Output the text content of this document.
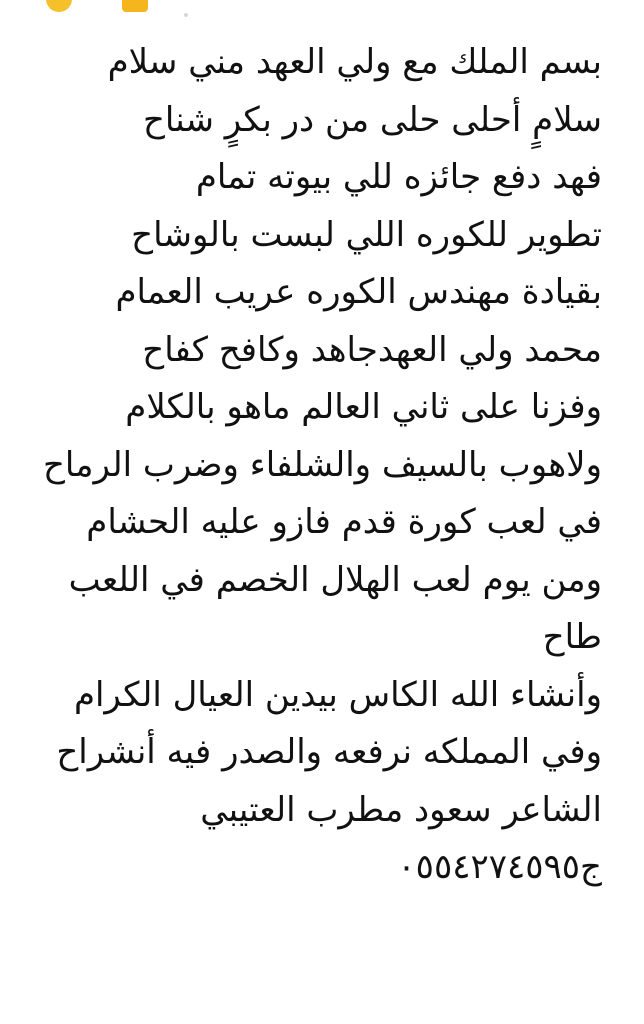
بسم الملك مع ولي العهد مني سلام

سلامٍ أحلى حلى من در بكرٍ شناح

فهد دفع جائزه للي بيوته تمام

تطوير للكوره اللي لبست بالوشاح

بقيادة مهندس الكوره عريب العمام

محمد ولي العهدجاهد وكافح كفاح

وفزنا على ثاني العالم ماهو بالكلام

ولاهوب بالسيف والشلفاء وضرب الرماح

في لعب كورة قدم فازو عليه الحشام

ومن يوم لعب الهلال الخصم في اللعب

طاح

وأنشاء الله الكاس بيدين العيال الكرام

وفي المملكه نرفعه والصدر فيه أنشراح

الشاعر سعود مطرب العتيبي

ج٠٥٥٤٢٧٤٥٩٥
